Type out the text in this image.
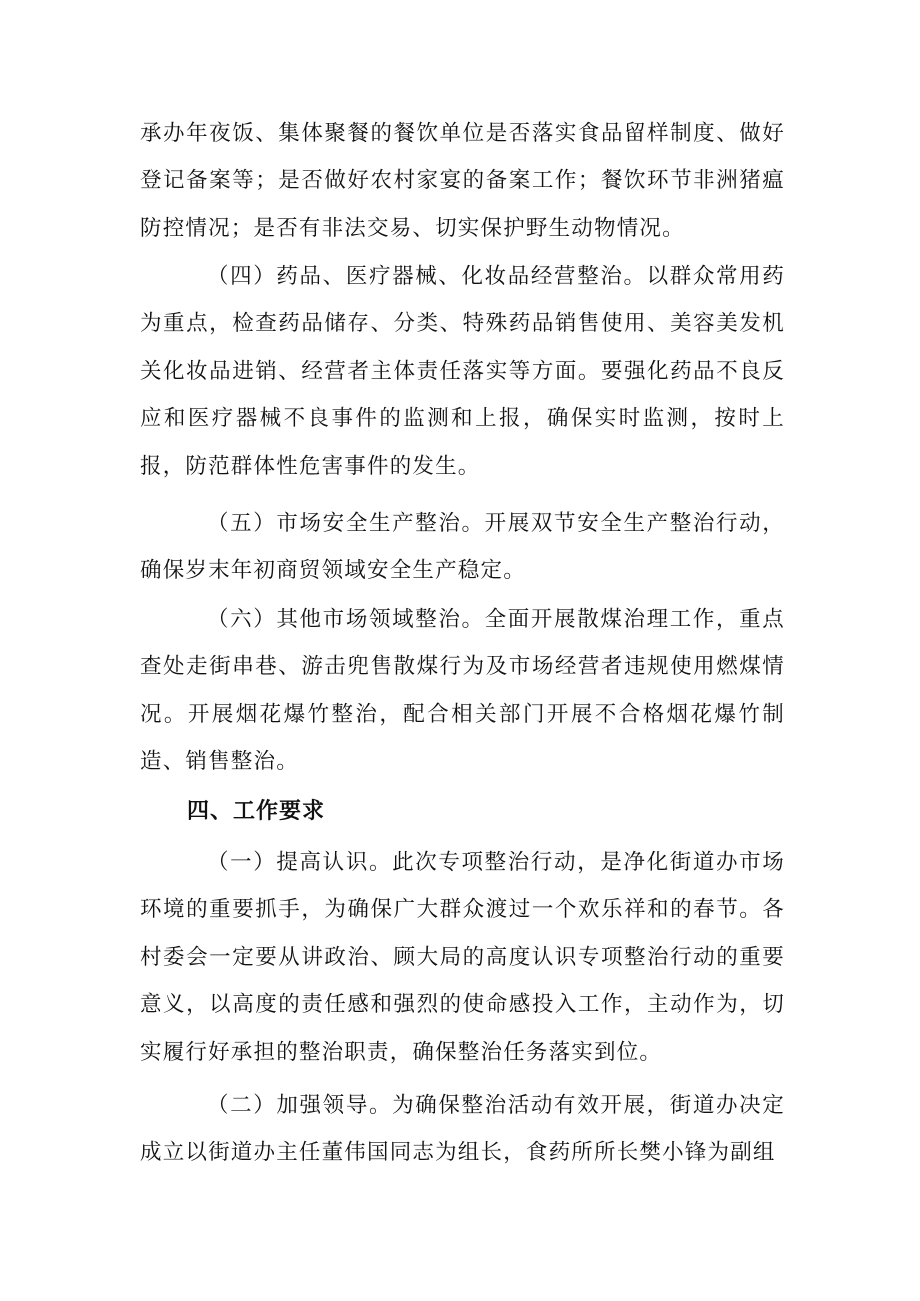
承办年夜饭、集体聚餐的餐饮单位是否落实食品留样制度、做好登记备案等；是否做好农村家宴的备案工作；餐饮环节非洲猪瘟防控情况；是否有非法交易、切实保护野生动物情况。

（四）药品、医疗器械、化妆品经营整治。以群众常用药为重点，检查药品储存、分类、特殊药品销售使用、美容美发机关化妆品进销、经营者主体责任落实等方面。要强化药品不良反应和医疗器械不良事件的监测和上报，确保实时监测，按时上报，防范群体性危害事件的发生。

（五）市场安全生产整治。开展双节安全生产整治行动，确保岁末年初商贸领域安全生产稳定。

（六）其他市场领域整治。全面开展散煤治理工作，重点查处走街串巷、游击兜售散煤行为及市场经营者违规使用燃煤情况。开展烟花爆竹整治，配合相关部门开展不合格烟花爆竹制造、销售整治。

四、工作要求

（一）提高认识。此次专项整治行动，是净化街道办市场环境的重要抓手，为确保广大群众渡过一个欢乐祥和的春节。各村委会一定要从讲政治、顾大局的高度认识专项整治行动的重要意义，以高度的责任感和强烈的使命感投入工作，主动作为，切实履行好承担的整治职责，确保整治任务落实到位。

（二）加强领导。为确保整治活动有效开展，街道办决定成立以街道办主任董伟国同志为组长，食药所所长樊小锋为副组
